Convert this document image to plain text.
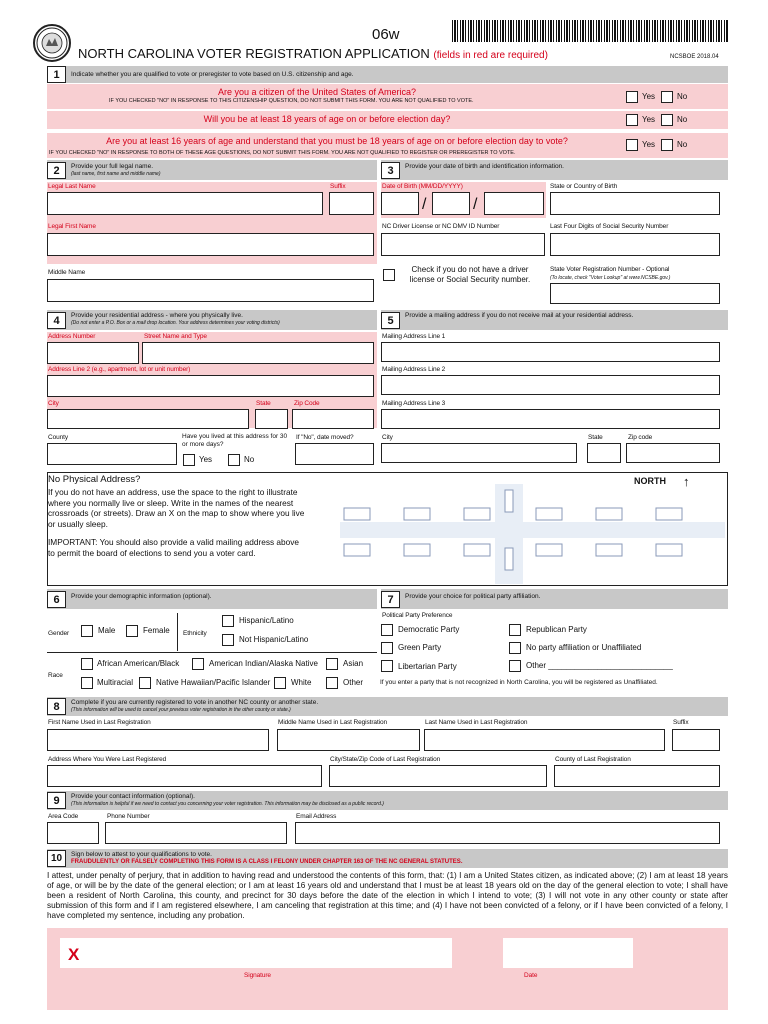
06w
NORTH CAROLINA VOTER REGISTRATION APPLICATION (fields in red are required)	NCSBOE 2018.04
1	Indicate whether you are qualified to vote or preregister to vote based on U.S. citizenship and age.
Are you a citizen of the United States of America?
IF YOU CHECKED "NO" IN RESPONSE TO THIS CITIZENSHIP QUESTION, DO NOT SUBMIT THIS FORM. YOU ARE NOT QUALIFIED TO VOTE.	Yes	No
Will you be at least 18 years of age on or before election day?	Yes	No
Are you at least 16 years of age and understand that you must be 18 years of age on or before election day to vote?
IF YOU CHECKED "NO" IN RESPONSE TO BOTH OF THESE AGE QUESTIONS, DO NOT SUBMIT THIS FORM. YOU ARE NOT QUALIFIED TO REGISTER OR PREREGISTER TO VOTE.
Yes	No
2	Provide your full legal name.
(last name, first name and middle name)
Legal Last Name	Suffix
Legal First Name
Middle Name
3	Provide your date of birth and identification information.
Date of Birth (MM/DD/YYYY)
/	/
State or Country of Birth
NC Driver License or NC DMV ID Number	Last Four Digits of Social Security Number
Check if you do not have a driver license or Social Security number.
State Voter Registration Number - Optional
(To locate, check "Voter Lookup" at www.NCSBE.gov.)
4	Provide your residential address - where you physically live.
(Do not enter a P.O. Box or a mail drop location. Your address determines your voting districts)
Address Number	Street Name and Type
Address Line 2 (e.g., apartment, lot or unit number)
City	State	Zip Code
County	Have you lived at this address for 30 or more days?
Yes	No
If "No", date moved?
5	Provide a mailing address if you do not receive mail at your residential address.
Mailing Address Line 1
Mailing Address Line 2
Mailing Address Line 3
City	State	Zip code
No Physical Address?
If you do not have an address, use the space to the right to illustrate where you normally live or sleep. Write in the names of the nearest crossroads (or streets). Draw an X on the map to show where you live or usually sleep.
IMPORTANT: You should also provide a valid mailing address above to permit the board of elections to send you a voter card.
NORTH ↑
6	Provide your demographic information (optional).
Gender	Male	Female Ethnicity
Hispanic/Latino
Not Hispanic/Latino
Race
African American/Black	American Indian/Alaska Native	Asian
Multiracial	Native Hawaiian/Pacific Islander	White	Other
7	Provide your choice for political party affiliation.
Political Party Preference
Democratic Party	Republican Party
Green Party	No party affiliation or Unaffiliated
Libertarian Party	Other ____________________________
If you enter a party that is not recognized in North Carolina, you will be registered as Unaffiliated.
8	Complete if you are currently registered to vote in another NC county or another state.
(This information will be used to cancel your previous voter registration in the other county or state.)
First Name Used in Last Registration	Middle Name Used in Last Registration	Last Name Used in Last Registration	Suffix
Address Where You Were Last Registered	City/State/Zip Code of Last Registration	County of Last Registration
9	Provide your contact information (optional).
(This information is helpful if we need to contact you concerning your voter registration. This information may be disclosed as a public record.)
Area Code	Phone Number	Email Address
10	Sign below to attest to your qualifications to vote.
FRAUDULENTLY OR FALSELY COMPLETING THIS FORM IS A CLASS I FELONY UNDER CHAPTER 163 OF THE NC GENERAL STATUTES.
I attest, under penalty of perjury, that in addition to having read and understood the contents of this form, that: (1) I am a United States citizen, as indicated above; (2) I am at least 18 years of age, or will be by the date of the general election; or I am at least 16 years old and understand that I must be at least 18 years old on the day of the general election to vote; I shall have been a resident of North Carolina, this county, and precinct for 30 days before the date of the election in which I intend to vote; (3) I will not vote in any other county or state after submission of this form and if I am registered elsewhere, I am canceling that registration at this time; and (4) I have not been convicted of a felony, or if I have been convicted of a felony, I have completed my sentence, including any probation.
X
Signature	Date
